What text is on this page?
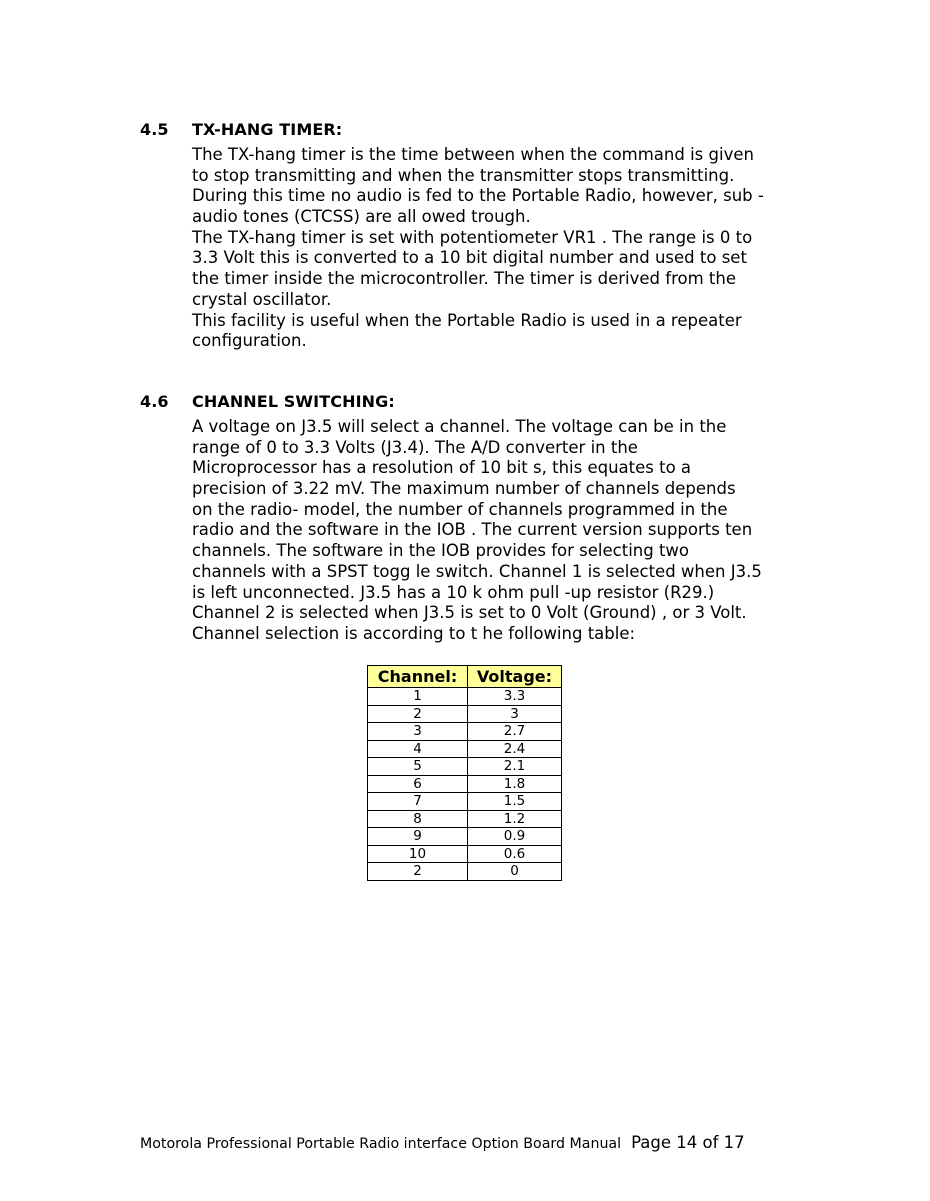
4.5 TX-HANG TIMER:
The TX-hang timer is the time between when the command is given
to stop transmitting and when the transmitter stops transmitting.
During this time no audio is fed to the Portable Radio, however, sub -
audio tones (CTCSS) are all owed trough.
The TX-hang timer is set with potentiometer VR1 . The range is 0 to
3.3 Volt this is converted to a 10 bit digital number and used to set
the timer inside the microcontroller. The timer is derived from the
crystal oscillator.
This facility is useful when the Portable Radio is used in a repeater
configuration.
4.6 CHANNEL SWITCHING:
A voltage on J3.5 will select a channel. The voltage can be in the
range of 0 to 3.3 Volts (J3.4). The A/D converter in the
Microprocessor has a resolution of 10 bit s, this equates to a
precision of 3.22 mV. The maximum number of channels depends
on the radio- model, the number of channels programmed in the
radio and the software in the IOB . The current version supports ten
channels. The software in the IOB provides for selecting two
channels with a SPST togg le switch. Channel 1 is selected when J3.5
is left unconnected. J3.5 has a 10 k ohm pull -up resistor (R29.)
Channel 2 is selected when J3.5 is set to 0 Volt (Ground) , or 3 Volt.
Channel selection is according to t he following table:
Channel:	Voltage:
1	3.3
2	3
3	2.7
4	2.4
5	2.1
6	1.8
7	1.5
8	1.2
9	0.9
10	0.6
2	0
Motorola Professional Portable Radio interface Option Board Manual Page 14 of 17
